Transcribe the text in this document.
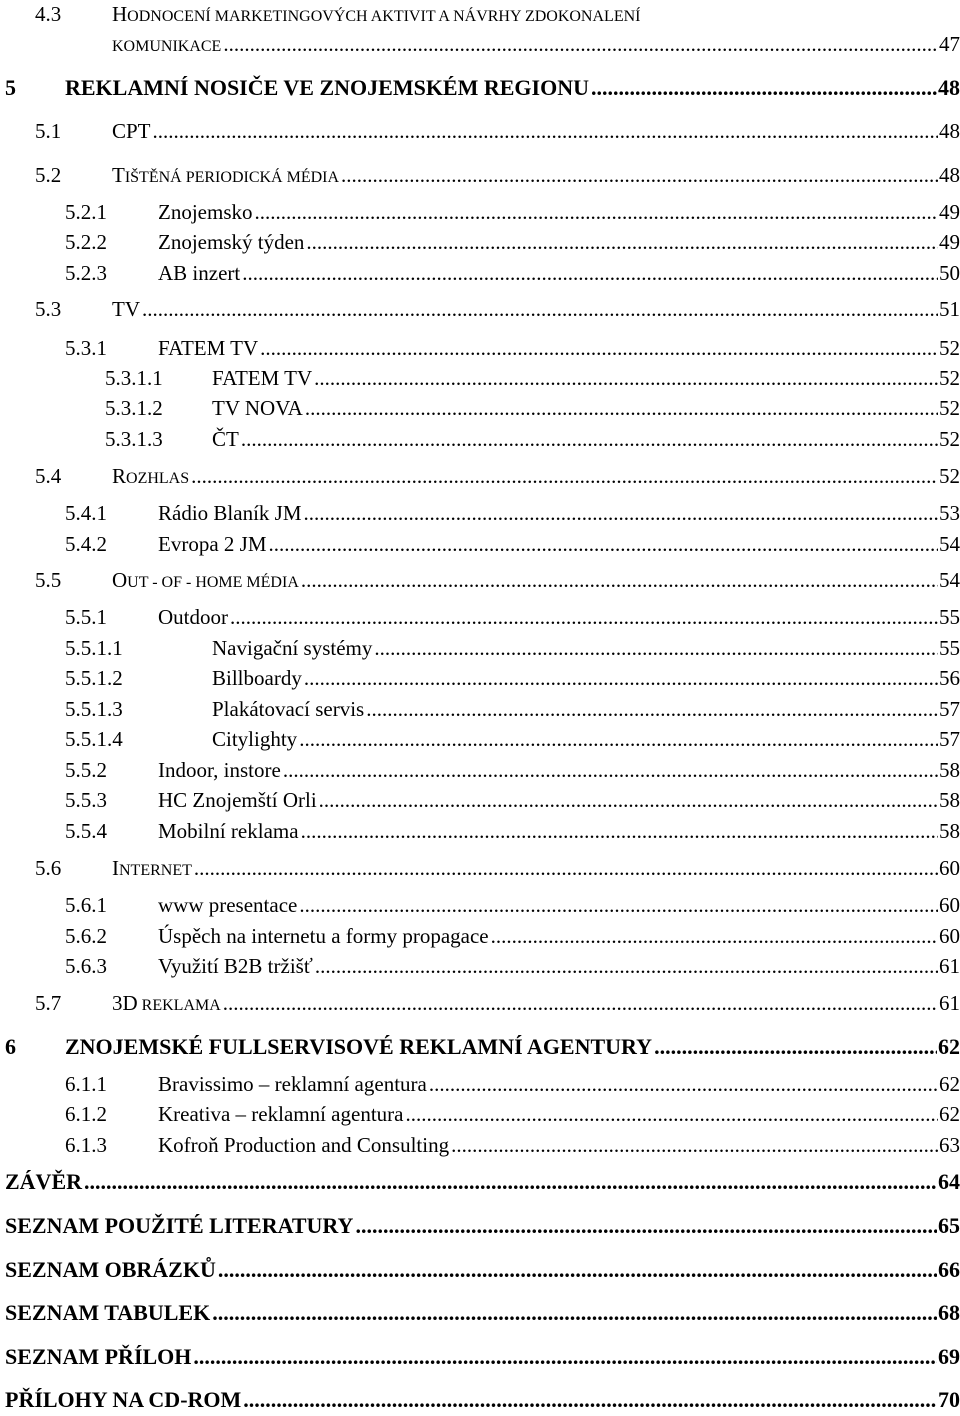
4.3 HODNOCENÍ MARKETINGOVÝCH AKTIVIT A NÁVRHY ZDOKONALENÍ
KOMUNIKACE .....	47
5 REKLAMNÍ NOSIČE VE ZNOJEMSKÉM REGIONU .....	48
5.1 CPT .....	48
5.2 TIŠTĚNÁ PERIODICKÁ MÉDIA .....	48
5.2.1 Znojemsko .....	49
5.2.2 Znojemský týden .....	49
5.2.3 AB inzert .....	50
5.3 TV .....	51
5.3.1 FATEM TV .....	52
5.3.1.1 FATEM TV .....	52
5.3.1.2 TV NOVA .....	52
5.3.1.3 ČT .....	52
5.4 ROZHLAS .....	52
5.4.1 Rádio Blaník JM .....	53
5.4.2 Evropa 2 JM .....	54
5.5 OUT - OF - HOME MÉDIA .....	54
5.5.1 Outdoor .....	55
5.5.1.1	Navigační systémy .....	55
5.5.1.2	Billboardy .....	56
5.5.1.3	Plakátovací servis .....	57
5.5.1.4	Citylighty .....	57
5.5.2 Indoor, instore .....	58
5.5.3 HC Znojemští Orli .....	58
5.5.4 Mobilní reklama .....	58
5.6 INTERNET .....	60
5.6.1 www presentace .....	60
5.6.2 Úspěch na internetu a formy propagace .....	60
5.6.3 Využití B2B tržišť .....	61
5.7 3D REKLAMA .....	61
6 ZNOJEMSKÉ FULLSERVISOVÉ REKLAMNÍ AGENTURY .....	62
6.1.1 Bravissimo – reklamní agentura .....	62
6.1.2 Kreativa – reklamní agentura .....	62
6.1.3 Kofroň Production and Consulting .....	63
ZÁVĚR .....	64
SEZNAM POUŽITÉ LITERATURY .....	65
SEZNAM OBRÁZKŮ .....	66
SEZNAM TABULEK .....	68
SEZNAM PŘÍLOH .....	69
PŘÍLOHY NA CD-ROM .....	70
